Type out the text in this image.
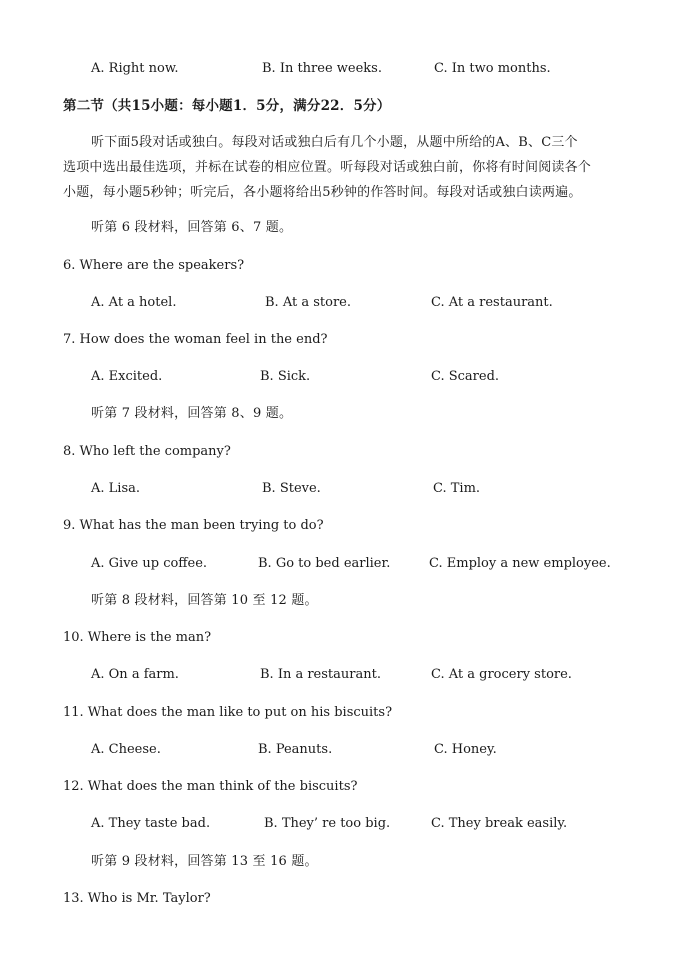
A. Right now.	B. In three weeks.	C. In two months.
第二节（共15小题：每小题1．5分，满分22．5分）
听下面5段对话或独白。每段对话或独白后有几个小题，从题中所给的A、B、C三个
选项中选出最佳选项，并标在试卷的相应位置。听每段对话或独白前，你将有时间阅读各个
小题，每小题5秒钟；听完后，各小题将给出5秒钟的作答时间。每段对话或独白读两遍。
听第 6 段材料，回答第 6、7 题。
6. Where are the speakers?
A. At a hotel.	B. At a store.	C. At a restaurant.
7. How does the woman feel in the end?
A. Excited.	B. Sick.	C. Scared.
听第 7 段材料，回答第 8、9 题。
8. Who left the company?
A. Lisa.	B. Steve.	C. Tim.
9. What has the man been trying to do?
A. Give up coffee.	B. Go to bed earlier.	C. Employ a new employee.
听第 8 段材料，回答第 10 至 12 题。
10. Where is the man?
A. On a farm.	B. In a restaurant.	C. At a grocery store.
11. What does the man like to put on his biscuits?
A. Cheese.	B. Peanuts.	C. Honey.
12. What does the man think of the biscuits?
A. They taste bad.	B. They’ re too big.	C. They break easily.
听第 9 段材料，回答第 13 至 16 题。
13. Who is Mr. Taylor?
